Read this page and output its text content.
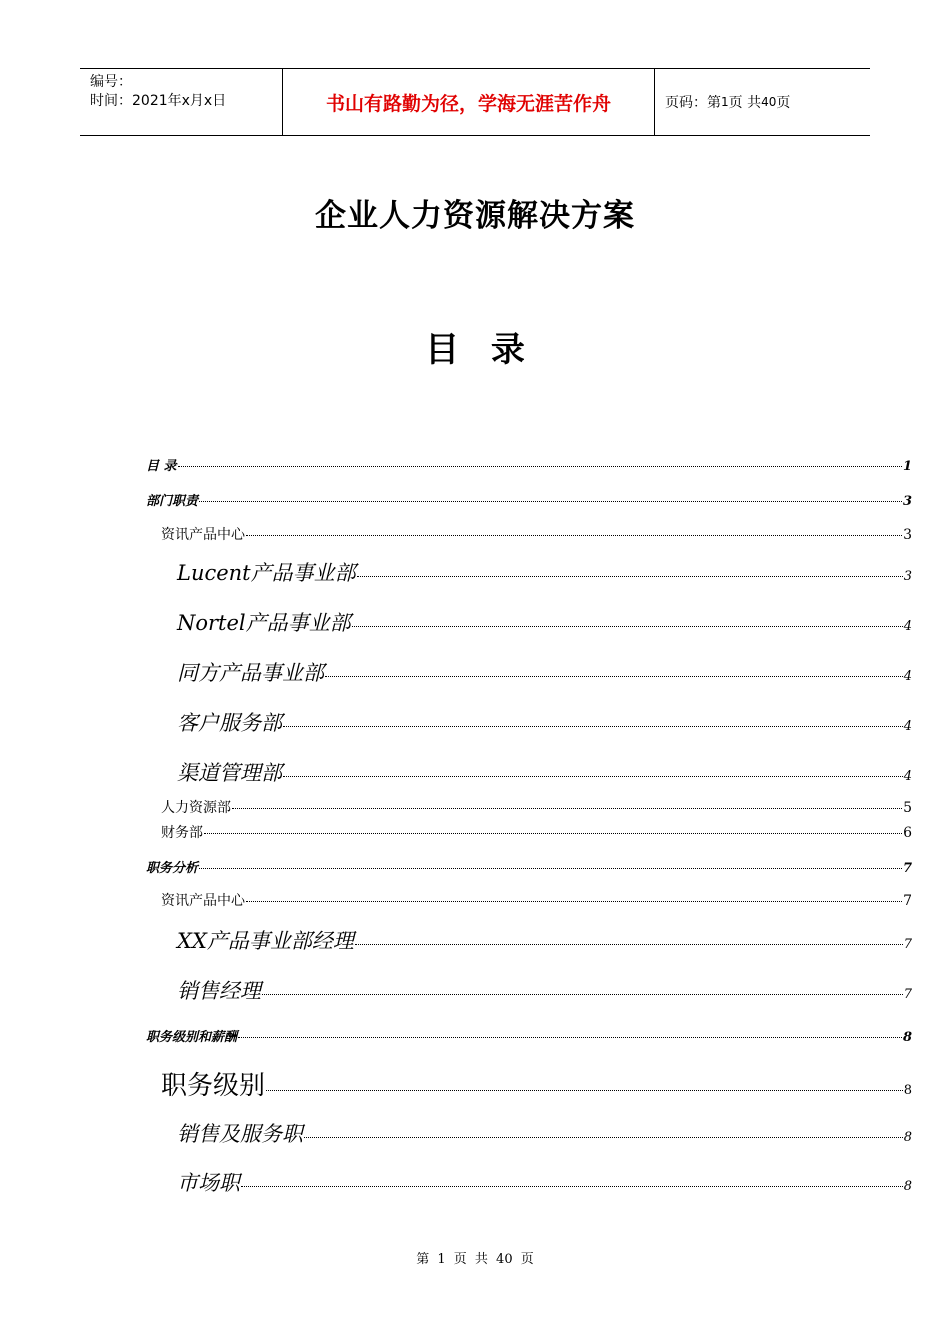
编号：
时间：2021年x月x日	书山有路勤为径，学海无涯苦作舟	页码：第 1 页 共 40 页
企业人力资源解决方案
目 录
目 录	1
部门职责	3
资讯产品中心	3
Lucent产品事业部	3
Nortel产品事业部	4
同方产品事业部	4
客户服务部	4
渠道管理部	4
人力资源部	5
财务部	6
职务分析	7
资讯产品中心	7
XX产品事业部经理	7
销售经理	7
职务级别和薪酬	8
职务级别	8
销售及服务职	8
市场职	8
第 1 页 共 40 页
